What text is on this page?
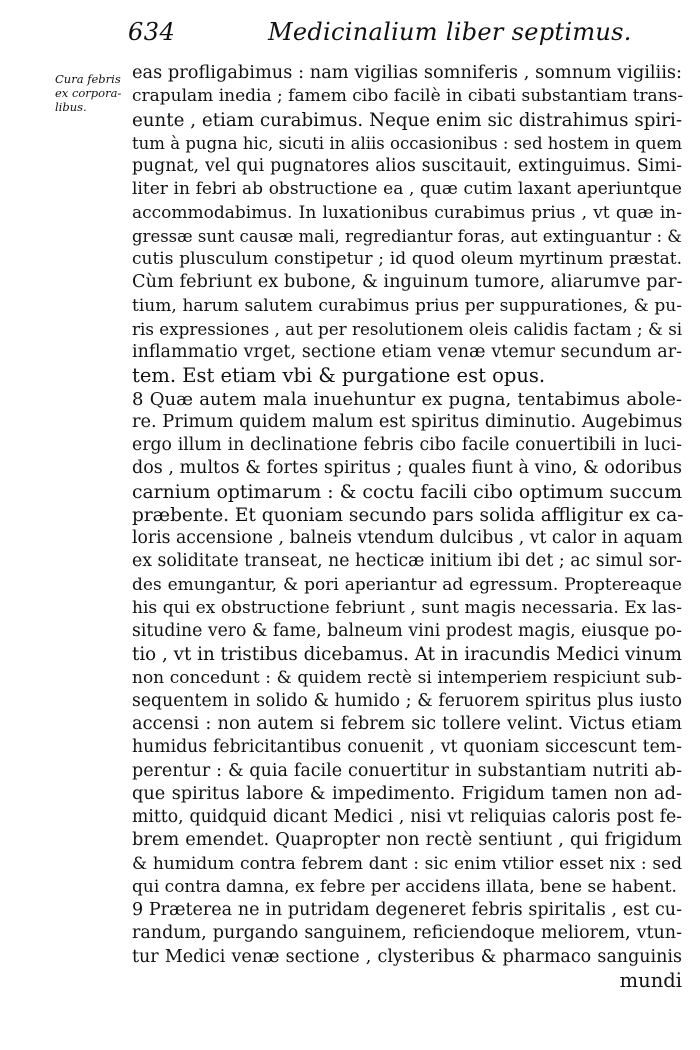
634	Medicinalium liber septimus.
Cura febris
ex corpora-
libus.
eas profligabimus : nam vigilias somniferis , somnum vigiliis:
crapulam inedia ; famem cibo facilè in cibati substantiam trans-
eunte , etiam curabimus. Neque enim sic distrahimus spiri-
tum à pugna hic, sicuti in aliis occasionibus : sed hostem in quem
pugnat, vel qui pugnatores alios suscitauit, extinguimus. Simi-
liter in febri ab obstructione ea , quæ cutim laxant aperiuntque
accommodabimus. In luxationibus curabimus prius , vt quæ in-
gressæ sunt causæ mali, regrediantur foras, aut extinguantur : &
cutis plusculum constipetur ; id quod oleum myrtinum præstat.
Cùm febriunt ex bubone, & inguinum tumore, aliarumve par-
tium, harum salutem curabimus prius per suppurationes, & pu-
ris expressiones , aut per resolutionem oleis calidis factam ; & si
inflammatio vrget, sectione etiam venæ vtemur secundum ar-
tem. Est etiam vbi & purgatione est opus.
8 Quæ autem mala inuehuntur ex pugna, tentabimus abole-
re. Primum quidem malum est spiritus diminutio. Augebimus
ergo illum in declinatione febris cibo facile conuertibili in luci-
dos , multos & fortes spiritus ; quales fiunt à vino, & odoribus
carnium optimarum : & coctu facili cibo optimum succum
præbente. Et quoniam secundo pars solida affligitur ex ca-
loris accensione , balneis vtendum dulcibus , vt calor in aquam
ex soliditate transeat, ne hecticæ initium ibi det ; ac simul sor-
des emungantur, & pori aperiantur ad egressum. Proptereaque
his qui ex obstructione febriunt , sunt magis necessaria. Ex las-
situdine vero & fame, balneum vini prodest magis, eiusque po-
tio , vt in tristibus dicebamus. At in iracundis Medici vinum
non concedunt : & quidem rectè si intemperiem respiciunt sub-
sequentem in solido & humido ; & feruorem spiritus plus iusto
accensi : non autem si febrem sic tollere velint. Victus etiam
humidus febricitantibus conuenit , vt quoniam siccescunt tem-
perentur : & quia facile conuertitur in substantiam nutriti ab-
que spiritus labore & impedimento. Frigidum tamen non ad-
mitto, quidquid dicant Medici , nisi vt reliquias caloris post fe-
brem emendet. Quapropter non rectè sentiunt , qui frigidum
& humidum contra febrem dant : sic enim vtilior esset nix : sed
qui contra damna, ex febre per accidens illata, bene se habent.
9 Præterea ne in putridam degeneret febris spiritalis , est cu-
randum, purgando sanguinem, reficiendoque meliorem, vtun-
tur Medici venæ sectione , clysteribus & pharmaco sanguinis
mundi
